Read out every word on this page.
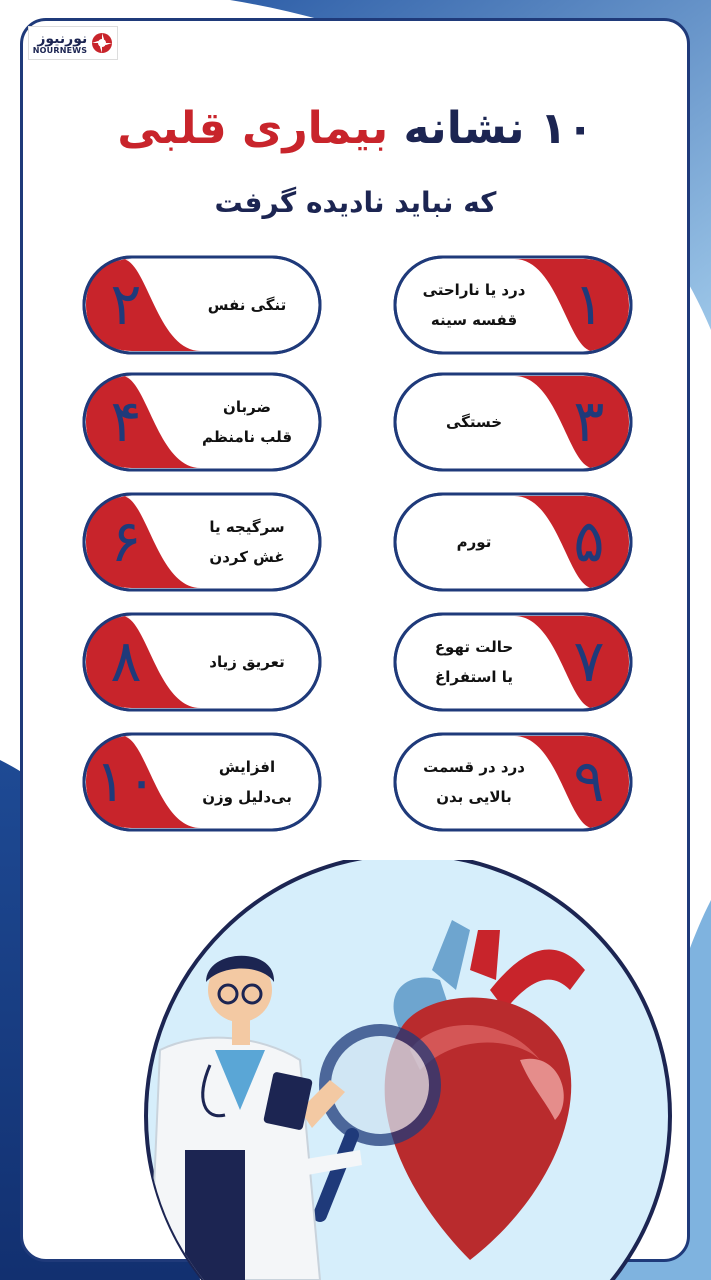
نورنیوز
NOURNEWS
۱۰ نشانه بیماری قلبی
که نباید نادیده گرفت
۱
درد یا ناراحتی
قفسه سینه
۲	تنگی نفس
۳
خستگی
۴	ضربان
قلب نامنظم
۵
تورم
۶	سرگیجه یا
غش کردن
۷
حالت تهوع
یا استفراغ
۸	تعریق زیاد
۹
درد در قسمت
بالایی بدن
۱۰	افزایش
بی‌دلیل وزن
